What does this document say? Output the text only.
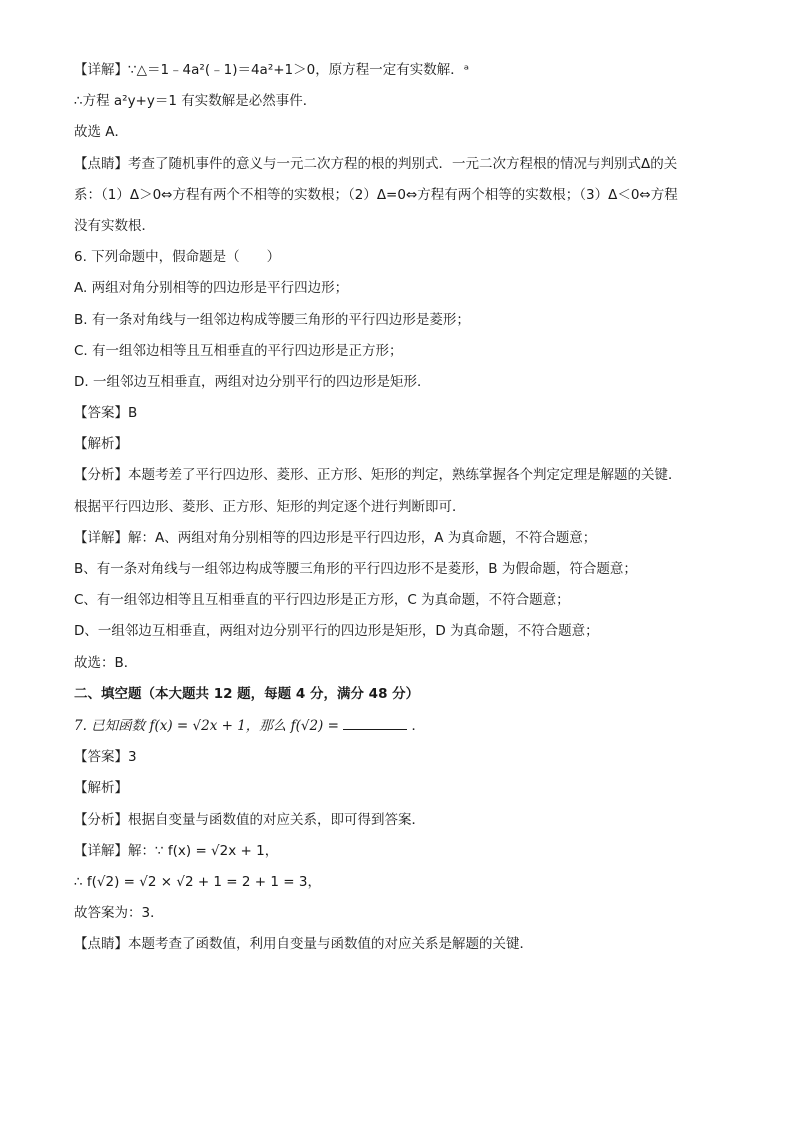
【详解】∵△＝1﹣4a²(﹣1)＝4a²+1＞0，原方程一定有实数解．ᵃ

∴方程 a²y+y＝1 有实数解是必然事件．

故选 A．

【点睛】考查了随机事件的意义与一元二次方程的根的判别式．一元二次方程根的情况与判别式Δ的关

系：（1）Δ＞0⇔方程有两个不相等的实数根；（2）Δ=0⇔方程有两个相等的实数根；（3）Δ＜0⇔方程

没有实数根．

6. 下列命题中，假命题是（　　）

A. 两组对角分别相等的四边形是平行四边形；

B. 有一条对角线与一组邻边构成等腰三角形的平行四边形是菱形；

C. 有一组邻边相等且互相垂直的平行四边形是正方形；

D. 一组邻边互相垂直，两组对边分别平行的四边形是矩形．

【答案】B

【解析】

【分析】本题考差了平行四边形、菱形、正方形、矩形的判定，熟练掌握各个判定定理是解题的关键．

根据平行四边形、菱形、正方形、矩形的判定逐个进行判断即可．

【详解】解：A、两组对角分别相等的四边形是平行四边形，A 为真命题，不符合题意；

B、有一条对角线与一组邻边构成等腰三角形的平行四边形不是菱形，B 为假命题，符合题意；

C、有一组邻边相等且互相垂直的平行四边形是正方形，C 为真命题，不符合题意；

D、一组邻边互相垂直，两组对边分别平行的四边形是矩形，D 为真命题，不符合题意；

故选：B．

二、填空题（本大题共 12 题，每题 4 分，满分 48 分）

7. 已知函数 f(x) = √2x + 1，那么 f(√2) =	．

【答案】3

【解析】

【分析】根据自变量与函数值的对应关系，即可得到答案．

【详解】解：∵ f(x) = √2x + 1，

∴ f(√2) = √2 × √2 + 1 = 2 + 1 = 3，

故答案为：3．

【点睛】本题考查了函数值，利用自变量与函数值的对应关系是解题的关键．
